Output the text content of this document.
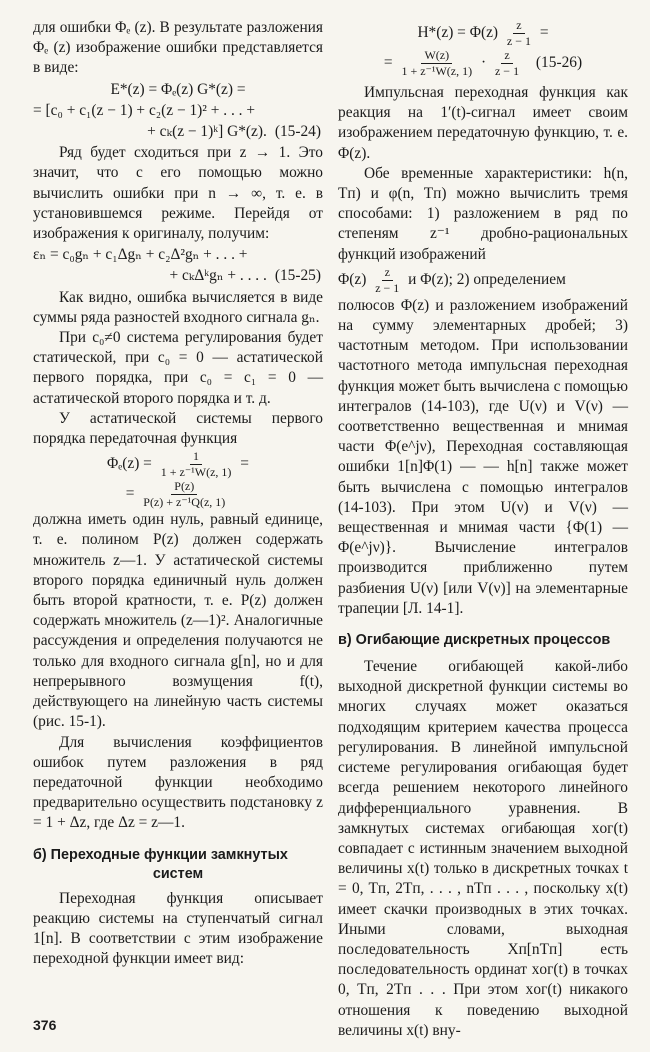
для ошибки Φₑ (z). В результате разложения Φₑ (z) изображение ошибки представляется в виде:

E*(z) = Φₑ(z) G*(z) =
= [c₀ + c₁(z − 1) + c₂(z − 1)² + . . . +
+ cₖ(z − 1)ᵏ] G*(z). (15-24)

Ряд будет сходиться при z → 1. Это значит, что с его помощью можно вычислить ошибки при n → ∞, т. е. в установившемся режиме. Перейдя от изображения к оригиналу, получим:

εₙ = c₀gₙ + c₁Δgₙ + c₂Δ²gₙ + . . . +
+ cₖΔᵏgₙ + . . . . (15-25)

Как видно, ошибка вычисляется в виде суммы ряда разностей входного сигнала gₙ.

При c₀≠0 система регулирования будет статической, при c₀ = 0 — астатической первого порядка, при c₀ = c₁ = 0 — астатической второго порядка и т. д.

У астатической системы первого порядка передаточная функция

$\Phi_e(z) = \frac{1}{\text{1 + z⁻¹W(z, 1)}}$ =
= $\frac{P(z)}{\text{P(z) + z⁻¹Q(z, 1)}}$

должна иметь один нуль, равный единице, т. е. полином P(z) должен содержать множитель z—1. У астатической системы второго порядка единичный нуль должен быть второй кратности, т. е. P(z) должен содержать множитель (z—1)². Аналогичные рассуждения и определения получаются не только для входного сигнала g[n], но и для непрерывного возмущения f(t), действующего на линейную часть системы (рис. 15-1).

Для вычисления коэффициентов ошибок путем разложения в ряд передаточной функции необходимо предварительно осуществить подстановку z = 1 + Δz, где Δz = z—1.

б) Переходные функции замкнутых
систем

Переходная функция описывает реакцию системы на ступенчатый сигнал 1[n]. В соответствии с этим изображение переходной функции имеет вид:

$H*(z) = \Phi(z) \frac{z}{z - 1}$ =
= $\frac{W(z)}{\text{1 + z⁻¹W(z, 1)}} \cdot \frac{z}{z - 1} (15-26)$

Импульсная переходная функция как реакция на 1′(t)-сигнал имеет своим изображением передаточную функцию, т. е. Φ(z).

Обе временные характеристики: h(n, Tп) и φ(n, Tп) можно вычислить тремя способами: 1) разложением в ряд по степеням z⁻¹ дробно-рациональных функций изображений

$\Phi(z) \frac{z}{z - 1}$ и Φ(z); 2) определением

полюсов Φ(z) и разложением изображений на сумму элементарных дробей; 3) частотным методом. При использовании частотного метода импульсная переходная функция может быть вычислена с помощью интегралов (14-103), где U(ν) и V(ν) — соответственно вещественная и мнимая части Φ(e^jν), Переходная составляющая ошибки 1[n]Φ(1) — — h[n] также может быть вычислена с помощью интегралов (14-103). При этом U(ν) и V(ν) — вещественная и мнимая части {Φ(1) — Φ(e^jν)}. Вычисление интегралов производится приближенно путем разбиения U(ν) [или V(ν)] на элементарные трапеции [Л. 14-1].

в) Огибающие дискретных процессов

Течение огибающей какой-либо выходной дискретной функции системы во многих случаях может оказаться подходящим критерием качества процесса регулирования. В линейной импульсной системе регулирования огибающая будет всегда решением некоторого линейного дифференциального уравнения. В замкнутых системах огибающая xог(t) совпадает с истинным значением выходной величины x(t) только в дискретных точках t = 0, Tп, 2Tп, . . . , nTп . . . , поскольку x(t) имеет скачки производных в этих точках. Иными словами, выходная последовательность Xп[nTп] есть последовательность ординат xог(t) в точках 0, Tп, 2Tп . . . При этом xог(t) никакого отношения к поведению выходной величины x(t) вну-

376
